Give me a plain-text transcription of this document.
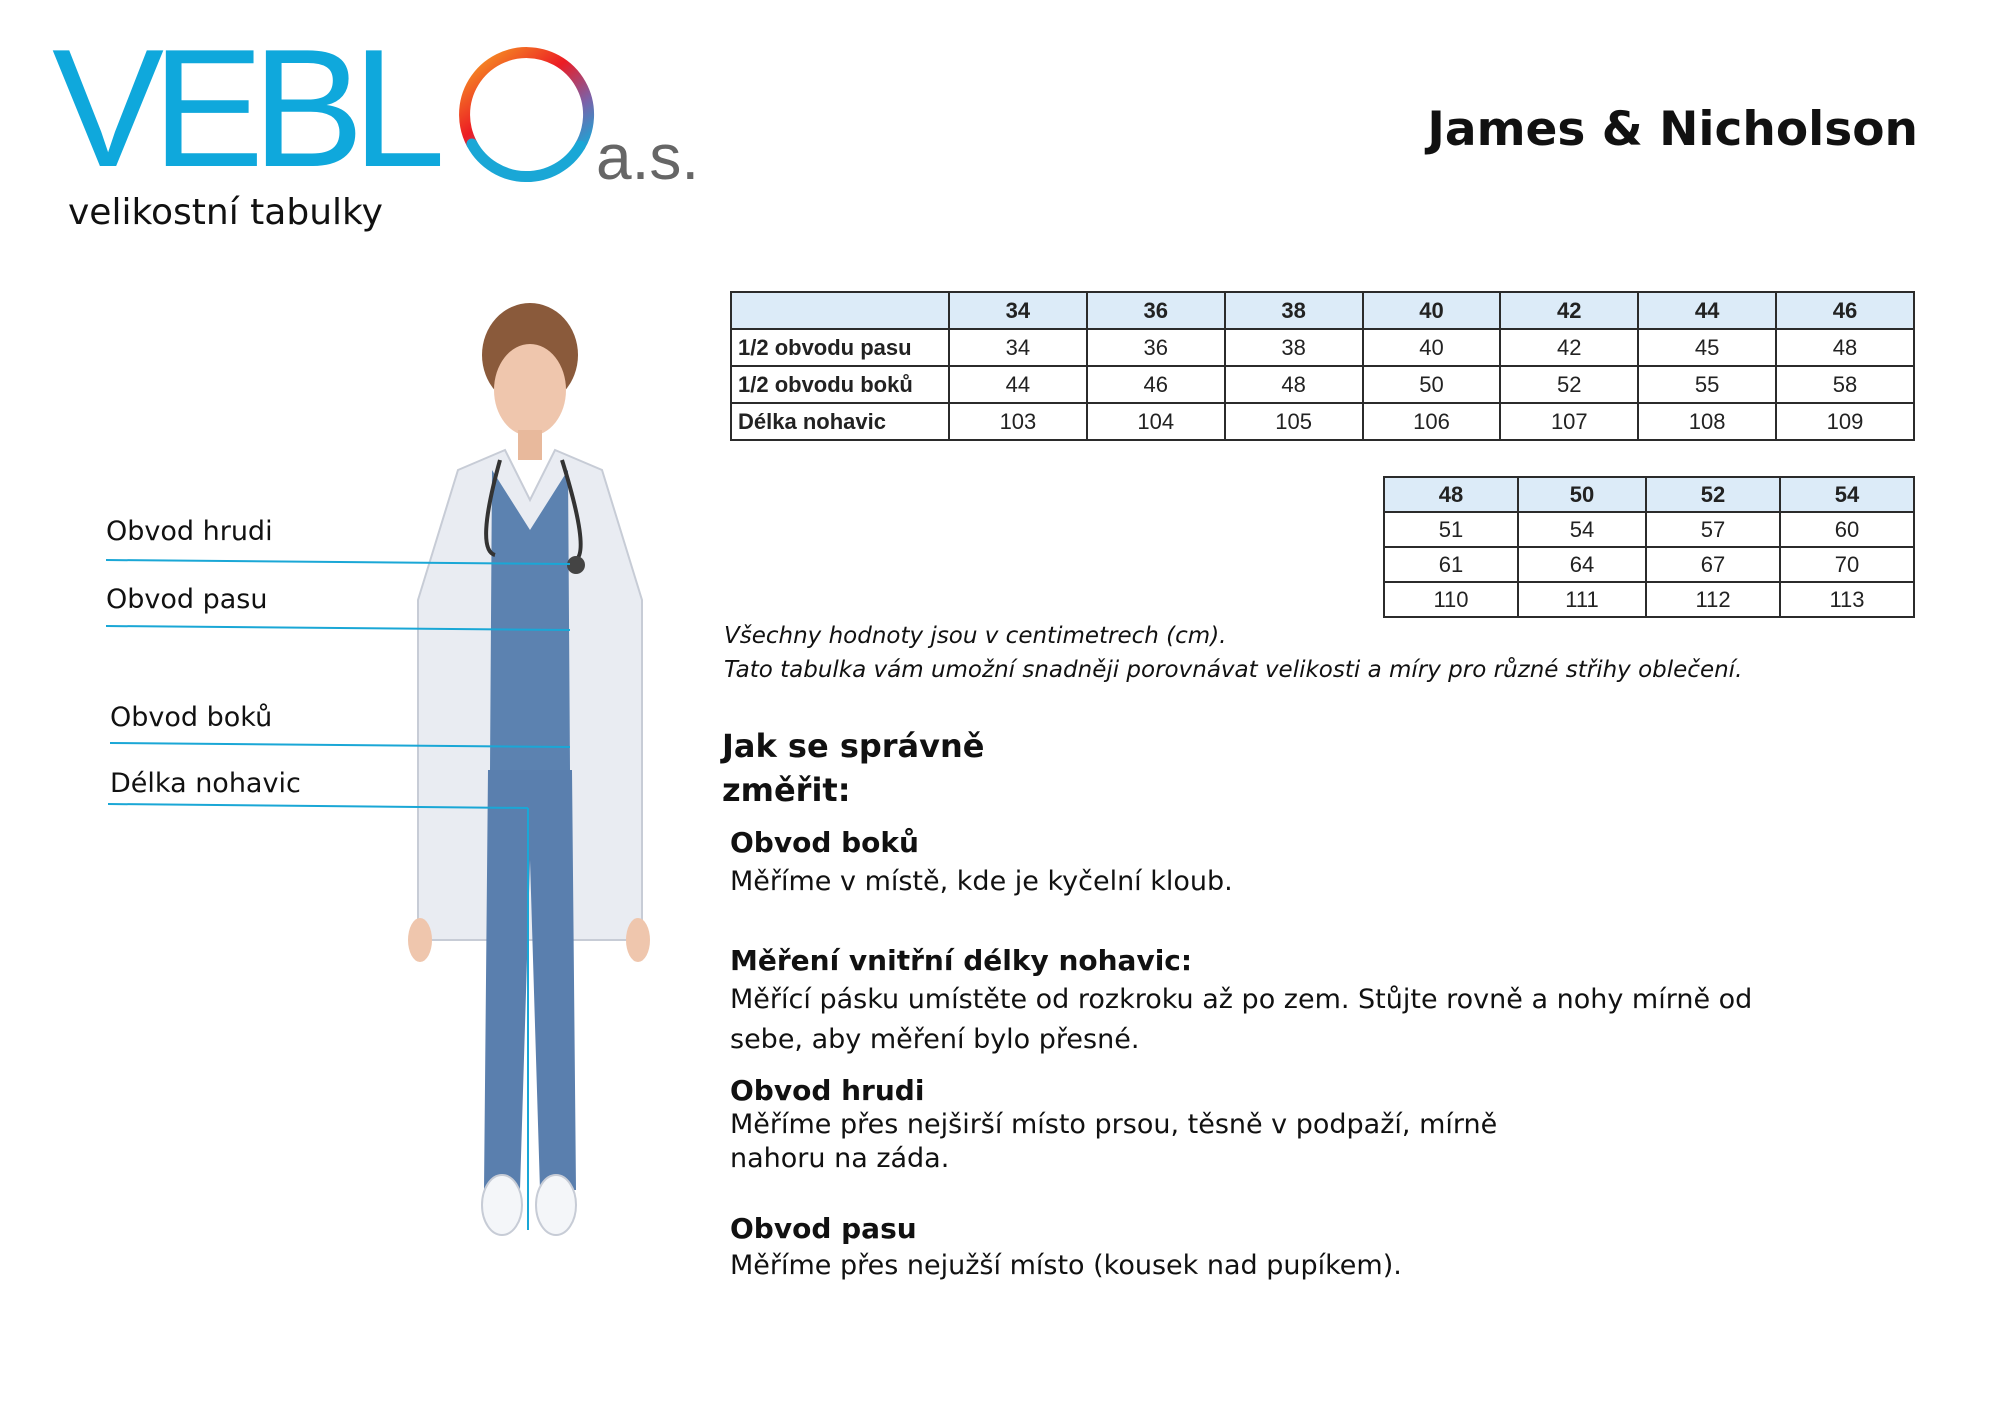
VEBL	a.s.
velikostní tabulky
James & Nicholson
	34	36	38	40	42	44	46
1/2 obvodu pasu	34	36	38	40	42	45	48
1/2 obvodu boků	44	46	48	50	52	55	58
Délka nohavic	103	104	105	106	107	108	109
48	50	52	54
51	54	57	60
61	64	67	70
110	111	112	113
Všechny hodnoty jsou v centimetrech (cm).
Tato tabulka vám umožní snadněji porovnávat velikosti a míry pro různé střihy oblečení.
Jak se správně změřit:
Obvod boků
Měříme v místě, kde je kyčelní kloub.
Měření vnitřní délky nohavic:
Měřící pásku umístěte od rozkroku až po zem. Stůjte rovně a nohy mírně od sebe, aby měření bylo přesné.
Obvod hrudi
Měříme přes nejširší místo prsou, těsně v podpaží, mírně nahoru na záda.
Obvod pasu
Měříme přes nejužší místo (kousek nad pupíkem).
Obvod hrudi
Obvod pasu
Obvod boků
Délka nohavic
